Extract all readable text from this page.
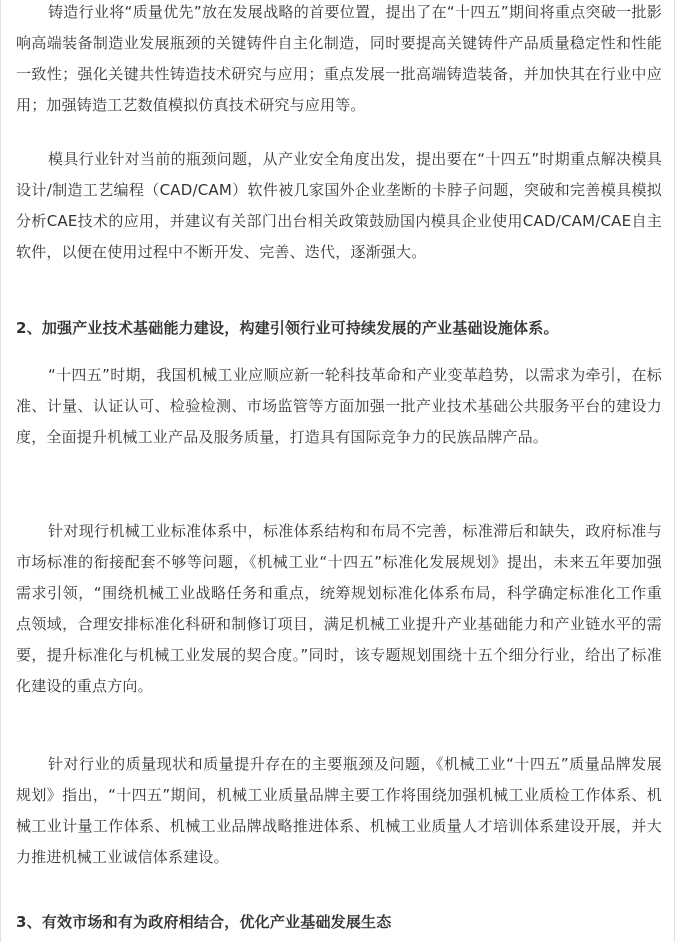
铸造行业将“质量优先”放在发展战略的首要位置，提出了在“十四五”期间将重点突破一批影响高端装备制造业发展瓶颈的关键铸件自主化制造，同时要提高关键铸件产品质量稳定性和性能一致性；强化关键共性铸造技术研究与应用；重点发展一批高端铸造装备，并加快其在行业中应用；加强铸造工艺数值模拟仿真技术研究与应用等。

模具行业针对当前的瓶颈问题，从产业安全角度出发，提出要在“十四五”时期重点解决模具设计/制造工艺编程（CAD/CAM）软件被几家国外企业垄断的卡脖子问题，突破和完善模具模拟分析CAE技术的应用，并建议有关部门出台相关政策鼓励国内模具企业使用CAD/CAM/CAE自主软件，以便在使用过程中不断开发、完善、迭代，逐渐强大。

2、加强产业技术基础能力建设，构建引领行业可持续发展的产业基础设施体系。

“十四五”时期，我国机械工业应顺应新一轮科技革命和产业变革趋势，以需求为牵引，在标准、计量、认证认可、检验检测、市场监管等方面加强一批产业技术基础公共服务平台的建设力度，全面提升机械工业产品及服务质量，打造具有国际竞争力的民族品牌产品。

针对现行机械工业标准体系中，标准体系结构和布局不完善，标准滞后和缺失，政府标准与市场标准的衔接配套不够等问题，《机械工业“十四五”标准化发展规划》提出，未来五年要加强需求引领，“围绕机械工业战略任务和重点，统筹规划标准化体系布局，科学确定标准化工作重点领域，合理安排标准化科研和制修订项目，满足机械工业提升产业基础能力和产业链水平的需要，提升标准化与机械工业发展的契合度。”同时，该专题规划围绕十五个细分行业，给出了标准化建设的重点方向。

针对行业的质量现状和质量提升存在的主要瓶颈及问题，《机械工业“十四五”质量品牌发展规划》指出，“十四五”期间，机械工业质量品牌主要工作将围绕加强机械工业质检工作体系、机械工业计量工作体系、机械工业品牌战略推进体系、机械工业质量人才培训体系建设开展，并大力推进机械工业诚信体系建设。

3、有效市场和有为政府相结合，优化产业基础发展生态
